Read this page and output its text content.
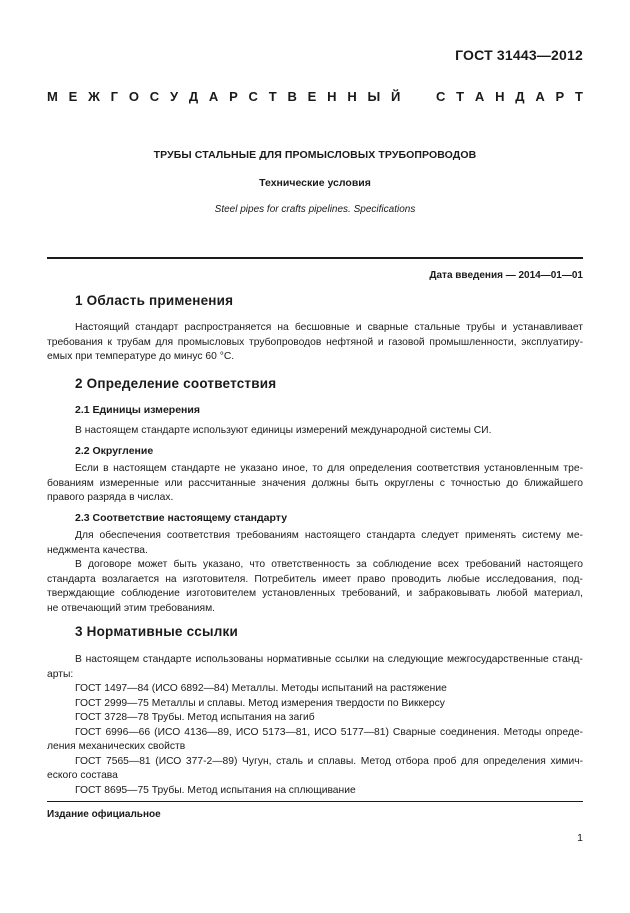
ГОСТ 31443—2012
М Е Ж Г О С У Д А Р С Т В Е Н Н Ы Й	С Т А Н Д А Р Т
ТРУБЫ СТАЛЬНЫЕ ДЛЯ ПРОМЫСЛОВЫХ ТРУБОПРОВОДОВ
Технические условия
Steel pipes for crafts pipelines. Specifications
Дата введения — 2014—01—01
1 Область применения
Настоящий стандарт распространяется на бесшовные и сварные стальные трубы и устанавливает
требования к трубам для промысловых трубопроводов нефтяной и газовой промышленности, эксплуатиру-
емых при температуре до минус 60 °С.
2 Определение соответствия
2.1 Единицы измерения
В настоящем стандарте используют единицы измерений международной системы СИ.
2.2 Округление
Если в настоящем стандарте не указано иное, то для определения соответствия установленным тре-
бованиям измеренные или рассчитанные значения должны быть округлены с точностью до ближайшего
правого разряда в числах.
2.3 Соответствие настоящему стандарту
Для обеспечения соответствия требованиям настоящего стандарта следует применять систему ме-
неджмента качества.
В договоре может быть указано, что ответственность за соблюдение всех требований настоящего
стандарта возлагается на изготовителя. Потребитель имеет право проводить любые исследования, под-
тверждающие соблюдение изготовителем установленных требований, и забраковывать любой материал,
не отвечающий этим требованиям.
3 Нормативные ссылки
В настоящем стандарте использованы нормативные ссылки на следующие межгосударственные станд-
арты:
ГОСТ 1497—84 (ИСО 6892—84) Металлы. Методы испытаний на растяжение
ГОСТ 2999—75 Металлы и сплавы. Метод измерения твердости по Виккерсу
ГОСТ 3728—78 Трубы. Метод испытания на загиб
ГОСТ 6996—66 (ИСО 4136—89, ИСО 5173—81, ИСО 5177—81) Сварные соединения. Методы опреде-
ления механических свойств
ГОСТ 7565—81 (ИСО 377-2—89) Чугун, сталь и сплавы. Метод отбора проб для определения химич-
еского состава
ГОСТ 8695—75 Трубы. Метод испытания на сплющивание
Издание официальное
1
